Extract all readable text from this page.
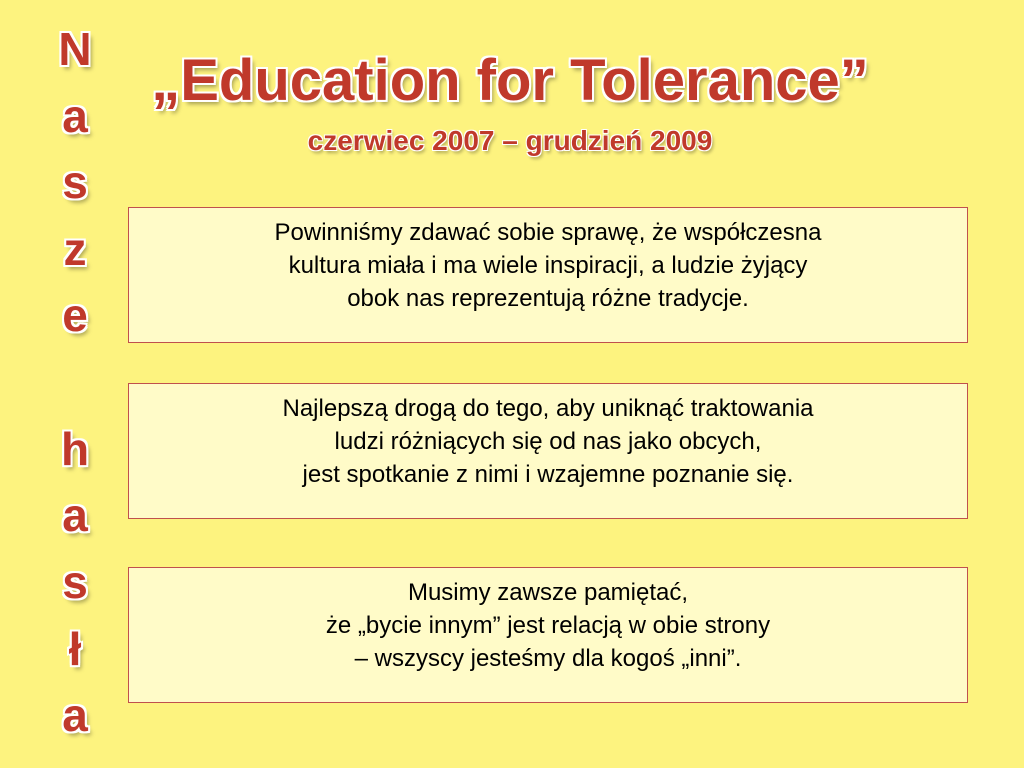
N
a
s
z
e
h
a
s
ł
a
„Education for Tolerance”
czerwiec 2007 – grudzień 2009
Powinniśmy zdawać sobie sprawę, że współczesna
kultura miała i ma wiele inspiracji, a ludzie żyjący
obok nas reprezentują różne tradycje.
Najlepszą drogą do tego, aby uniknąć traktowania
ludzi różniących się od nas jako obcych,
jest spotkanie z nimi i wzajemne poznanie się.
Musimy zawsze pamiętać,
że „bycie innym” jest relacją w obie strony
– wszyscy jesteśmy dla kogoś „inni”.
